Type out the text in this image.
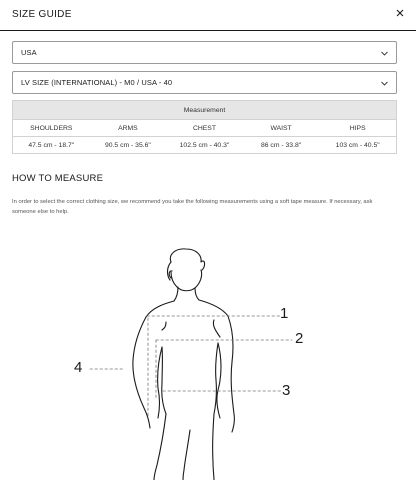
SIZE GUIDE
USA
LV SIZE (INTERNATIONAL) - M0 / USA - 40
Measurement
SHOULDERS	ARMS	CHEST	WAIST	HIPS
47.5 cm - 18.7"	90.5 cm - 35.6"	102.5 cm - 40.3"	86 cm - 33.8"	103 cm - 40.5"
HOW TO MEASURE
In order to select the correct clothing size, we recommend you take the following measurements using a soft tape measure. If necessary, ask someone else to help.
1
2
3
4
